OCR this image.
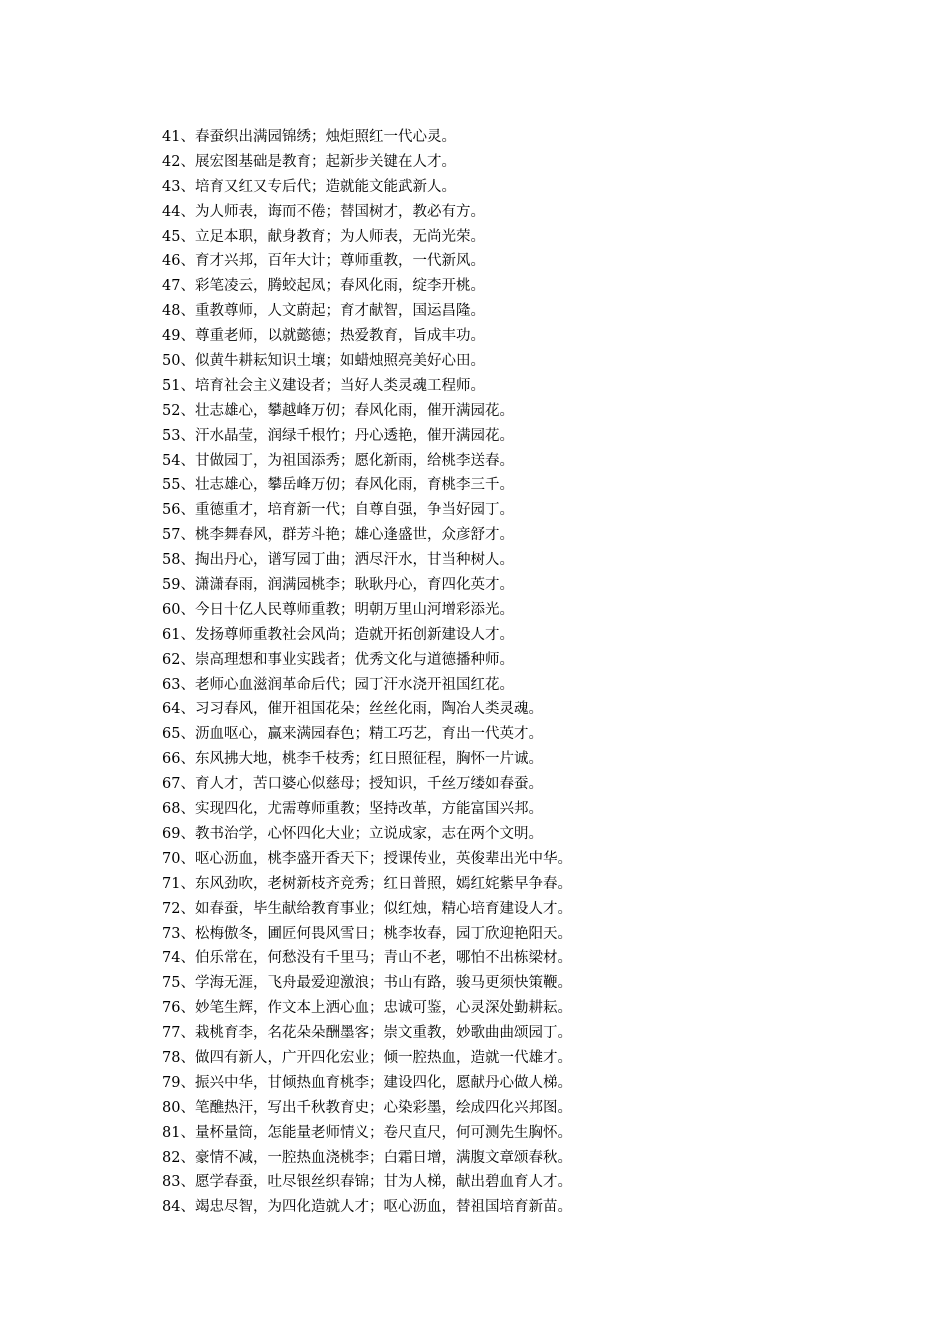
41、春蚕织出满园锦绣；烛炬照红一代心灵。
42、展宏图基础是教育；起新步关键在人才。
43、培育又红又专后代；造就能文能武新人。
44、为人师表，诲而不倦；替国树才，教必有方。
45、立足本职，献身教育；为人师表，无尚光荣。
46、育才兴邦，百年大计；尊师重教，一代新风。
47、彩笔凌云，腾蛟起凤；春风化雨，绽李开桃。
48、重教尊师，人文蔚起；育才献智，国运昌隆。
49、尊重老师，以就懿德；热爱教育，旨成丰功。
50、似黄牛耕耘知识土壤；如蜡烛照亮美好心田。
51、培育社会主义建设者；当好人类灵魂工程师。
52、壮志雄心，攀越峰万仞；春风化雨，催开满园花。
53、汗水晶莹，润绿千根竹；丹心透艳，催开满园花。
54、甘做园丁，为祖国添秀；愿化新雨，给桃李送春。
55、壮志雄心，攀岳峰万仞；春风化雨，育桃李三千。
56、重德重才，培育新一代；自尊自强，争当好园丁。
57、桃李舞春风，群芳斗艳；雄心逢盛世，众彦舒才。
58、掏出丹心，谱写园丁曲；洒尽汗水，甘当种树人。
59、潇潇春雨，润满园桃李；耿耿丹心，育四化英才。
60、今日十亿人民尊师重教；明朝万里山河增彩添光。
61、发扬尊师重教社会风尚；造就开拓创新建设人才。
62、崇高理想和事业实践者；优秀文化与道德播种师。
63、老师心血滋润革命后代；园丁汗水浇开祖国红花。
64、习习春风，催开祖国花朵；丝丝化雨，陶冶人类灵魂。
65、沥血呕心，赢来满园春色；精工巧艺，育出一代英才。
66、东风拂大地，桃李千枝秀；红日照征程，胸怀一片诚。
67、育人才，苦口婆心似慈母；授知识，千丝万缕如春蚕。
68、实现四化，尤需尊师重教；坚持改革，方能富国兴邦。
69、教书治学，心怀四化大业；立说成家，志在两个文明。
70、呕心沥血，桃李盛开香天下；授课传业，英俊辈出光中华。
71、东风劲吹，老树新枝齐竞秀；红日普照，嫣红姹紫早争春。
72、如春蚕，毕生献给教育事业；似红烛，精心培育建设人才。
73、松梅傲冬，圃匠何畏风雪日；桃李妆春，园丁欣迎艳阳天。
74、伯乐常在，何愁没有千里马；青山不老，哪怕不出栋梁材。
75、学海无涯，飞舟最爱迎激浪；书山有路，骏马更须快策鞭。
76、妙笔生辉，作文本上洒心血；忠诚可鉴，心灵深处勤耕耘。
77、栽桃育李，名花朵朵酬墨客；崇文重教，妙歌曲曲颂园丁。
78、做四有新人，广开四化宏业；倾一腔热血，造就一代雄才。
79、振兴中华，甘倾热血育桃李；建设四化，愿献丹心做人梯。
80、笔醮热汗，写出千秋教育史；心染彩墨，绘成四化兴邦图。
81、量杯量筒，怎能量老师情义；卷尺直尺，何可测先生胸怀。
82、豪情不减，一腔热血浇桃李；白霜日增，满腹文章颂春秋。
83、愿学春蚕，吐尽银丝织春锦；甘为人梯，献出碧血育人才。
84、竭忠尽智，为四化造就人才；呕心沥血，替祖国培育新苗。
